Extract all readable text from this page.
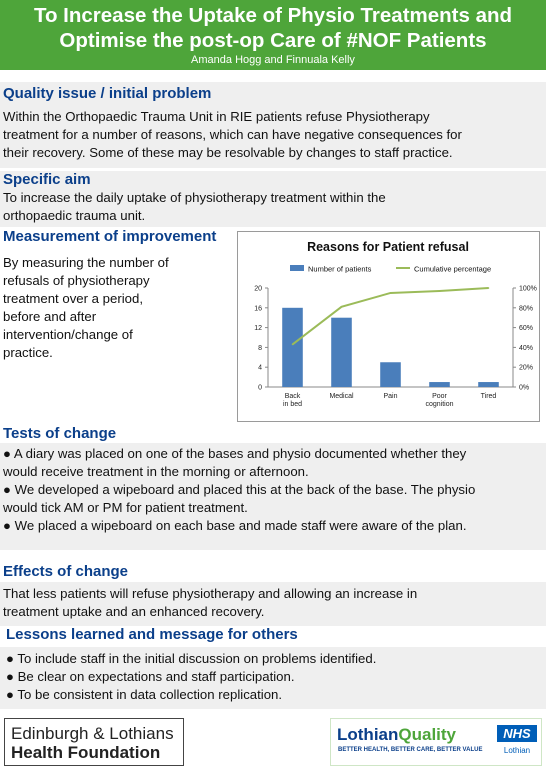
To Increase the Uptake of Physio Treatments and
Optimise the post-op Care of #NOF Patients
Amanda Hogg and Finnuala Kelly
Quality issue / initial problem

Within the Orthopaedic Trauma Unit in RIE patients refuse Physiotherapy

treatment for a number of reasons, which can have negative consequences for

their recovery. Some of these may be resolvable by changes to staff practice.

Specific aim

To increase the daily uptake of physiotherapy treatment within the

orthopaedic trauma unit.

Measurement of improvement

By measuring the number of

refusals of physiotherapy

treatment over a period,

before and after

intervention/change of

practice.

Reasons for Patient refusal
Number of patients	Cumulative percentage
0
4
8
12
16
20
0%
20%
40%
60%
80%
100%
Back
in bed
Medical	Pain	Poor
cognition
Tired
Tests of change

● A diary was placed on one of the bases and physio documented whether they

would receive treatment in the morning or afternoon.

● We developed a wipeboard and placed this at the back of the base. The physio

would tick AM or PM for patient treatment.

● We placed a wipeboard on each base and made staff were aware of the plan.

Effects of change

That less patients will refuse physiotherapy and allowing an increase in

treatment uptake and an enhanced recovery.

Lessons learned and message for others

● To include staff in the initial discussion on problems identified.

● Be clear on expectations and staff participation.

● To be consistent in data collection replication.

Edinburgh & Lothians
Health Foundation
LothianQuality
BETTER HEALTH, BETTER CARE, BETTER VALUE
NHS
Lothian
